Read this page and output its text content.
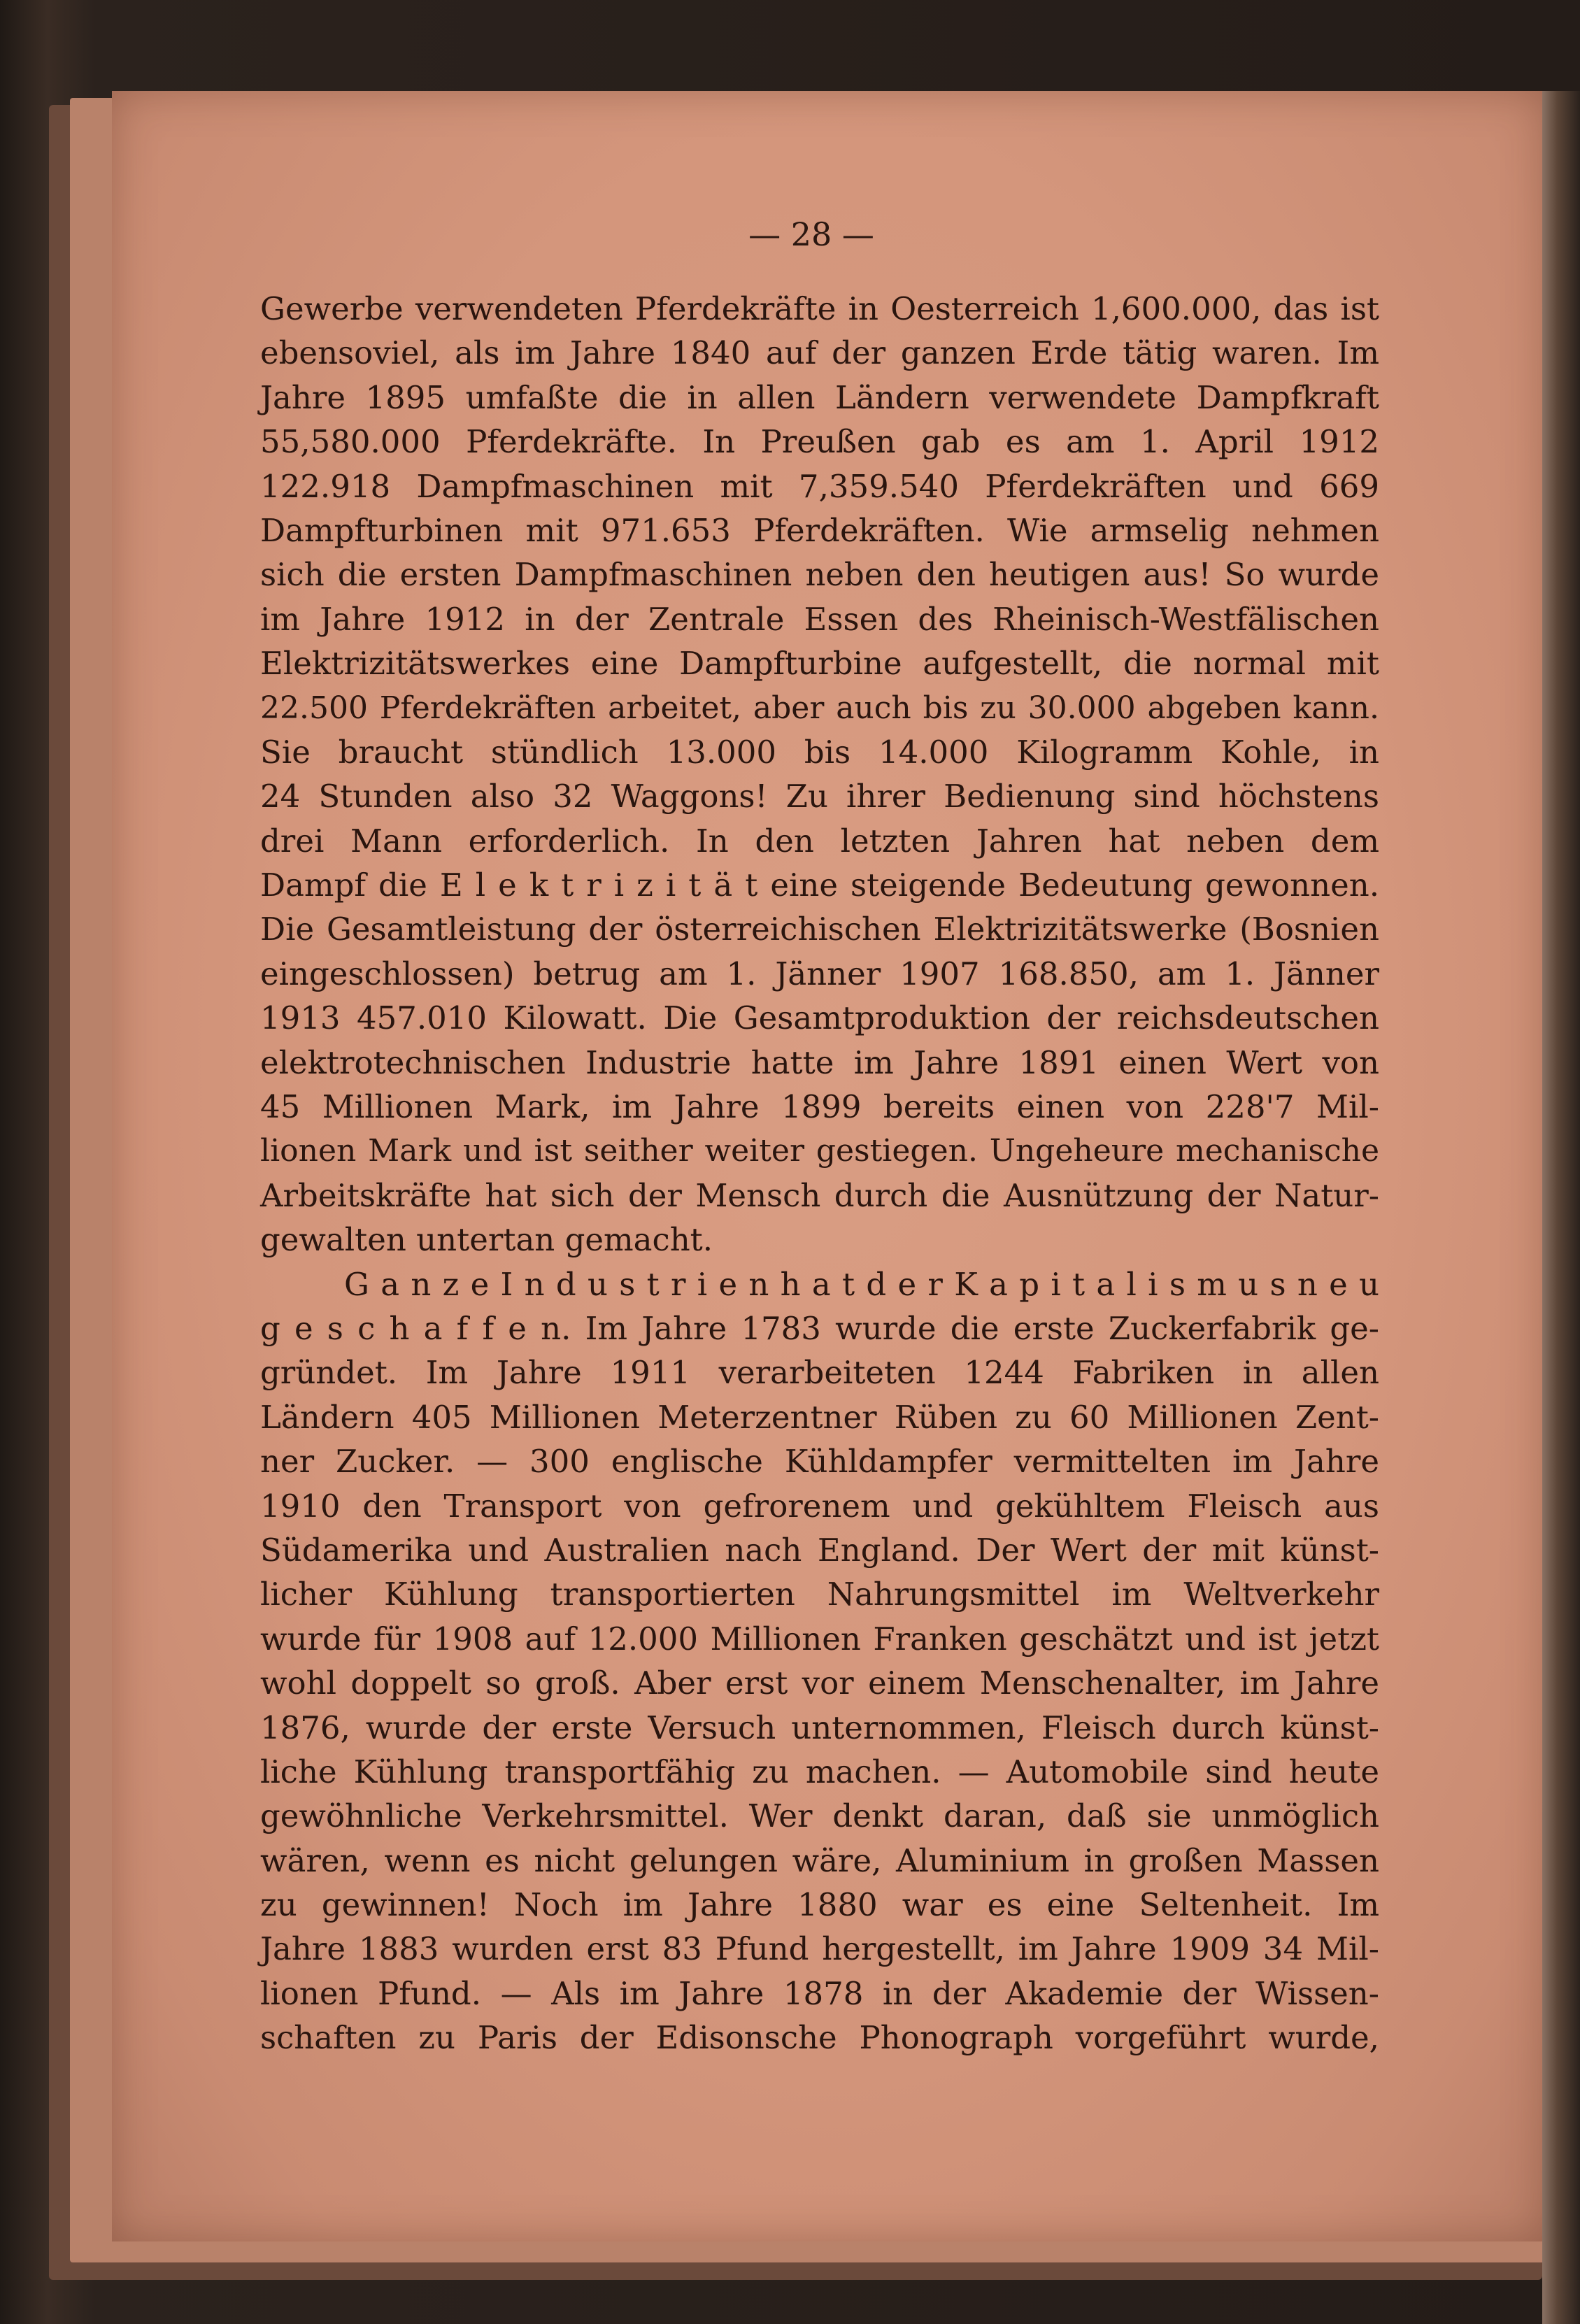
— 28 —
Gewerbe verwendeten Pferdekräfte in Oesterreich 1,600.000, das ist
ebensoviel, als im Jahre 1840 auf der ganzen Erde tätig waren. Im
Jahre 1895 umfaßte die in allen Ländern verwendete Dampfkraft
55,580.000 Pferdekräfte. In Preußen gab es am 1. April 1912
122.918 Dampfmaschinen mit 7,359.540 Pferdekräften und 669
Dampfturbinen mit 971.653 Pferdekräften. Wie armselig nehmen
sich die ersten Dampfmaschinen neben den heutigen aus! So wurde
im Jahre 1912 in der Zentrale Essen des Rheinisch-Westfälischen
Elektrizitätswerkes eine Dampfturbine aufgestellt, die normal mit
22.500 Pferdekräften arbeitet, aber auch bis zu 30.000 abgeben kann.
Sie braucht stündlich 13.000 bis 14.000 Kilogramm Kohle, in
24 Stunden also 32 Waggons! Zu ihrer Bedienung sind höchstens
drei Mann erforderlich. In den letzten Jahren hat neben dem
Dampf die E l e k t r i z i t ä t eine steigende Bedeutung gewonnen.
Die Gesamtleistung der österreichischen Elektrizitätswerke (Bosnien
eingeschlossen) betrug am 1. Jänner 1907 168.850, am 1. Jänner
1913 457.010 Kilowatt. Die Gesamtproduktion der reichsdeutschen
elektrotechnischen Industrie hatte im Jahre 1891 einen Wert von
45 Millionen Mark, im Jahre 1899 bereits einen von 228'7 Mil-
lionen Mark und ist seither weiter gestiegen. Ungeheure mechanische
Arbeitskräfte hat sich der Mensch durch die Ausnützung der Natur-
gewalten untertan gemacht.
G a n z e I n d u s t r i e n h a t d e r K a p i t a l i s m u s n e u
g e s c h a f f e n. Im Jahre 1783 wurde die erste Zuckerfabrik ge-
gründet. Im Jahre 1911 verarbeiteten 1244 Fabriken in allen
Ländern 405 Millionen Meterzentner Rüben zu 60 Millionen Zent-
ner Zucker. — 300 englische Kühldampfer vermittelten im Jahre
1910 den Transport von gefrorenem und gekühltem Fleisch aus
Südamerika und Australien nach England. Der Wert der mit künst-
licher Kühlung transportierten Nahrungsmittel im Weltverkehr
wurde für 1908 auf 12.000 Millionen Franken geschätzt und ist jetzt
wohl doppelt so groß. Aber erst vor einem Menschenalter, im Jahre
1876, wurde der erste Versuch unternommen, Fleisch durch künst-
liche Kühlung transportfähig zu machen. — Automobile sind heute
gewöhnliche Verkehrsmittel. Wer denkt daran, daß sie unmöglich
wären, wenn es nicht gelungen wäre, Aluminium in großen Massen
zu gewinnen! Noch im Jahre 1880 war es eine Seltenheit. Im
Jahre 1883 wurden erst 83 Pfund hergestellt, im Jahre 1909 34 Mil-
lionen Pfund. — Als im Jahre 1878 in der Akademie der Wissen-
schaften zu Paris der Edisonsche Phonograph vorgeführt wurde,
